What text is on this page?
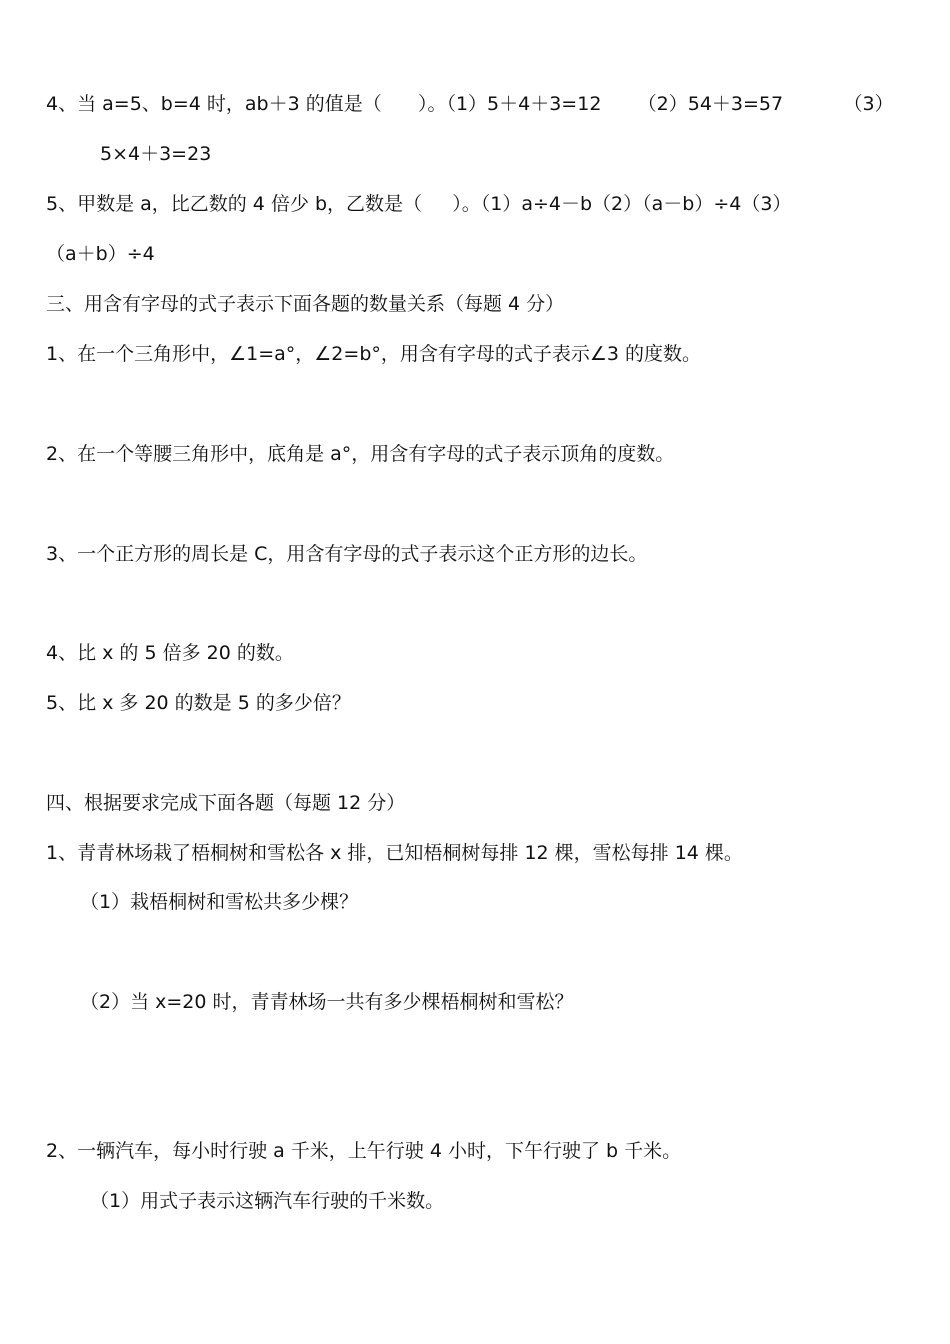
4、当 a=5、b=4 时，ab＋3 的值是（      ）。（1）5＋4＋3=12      （2）54＋3=57          （3）
5×4＋3=23
5、甲数是 a，比乙数的 4 倍少 b，乙数是（     ）。（1）a÷4－b（2）（a－b）÷4（3）
（a＋b）÷4
三、用含有字母的式子表示下面各题的数量关系（每题 4 分）
1、在一个三角形中，∠1=a°，∠2=b°，用含有字母的式子表示∠3 的度数。
2、在一个等腰三角形中，底角是 a°，用含有字母的式子表示顶角的度数。
3、一个正方形的周长是 C，用含有字母的式子表示这个正方形的边长。
4、比 x 的 5 倍多 20 的数。
5、比 x 多 20 的数是 5 的多少倍？
四、根据要求完成下面各题（每题 12 分）
1、青青林场栽了梧桐树和雪松各 x 排，已知梧桐树每排 12 棵，雪松每排 14 棵。
（1）栽梧桐树和雪松共多少棵？
（2）当 x=20 时，青青林场一共有多少棵梧桐树和雪松？
2、一辆汽车，每小时行驶 a 千米，上午行驶 4 小时，下午行驶了 b 千米。
（1）用式子表示这辆汽车行驶的千米数。
